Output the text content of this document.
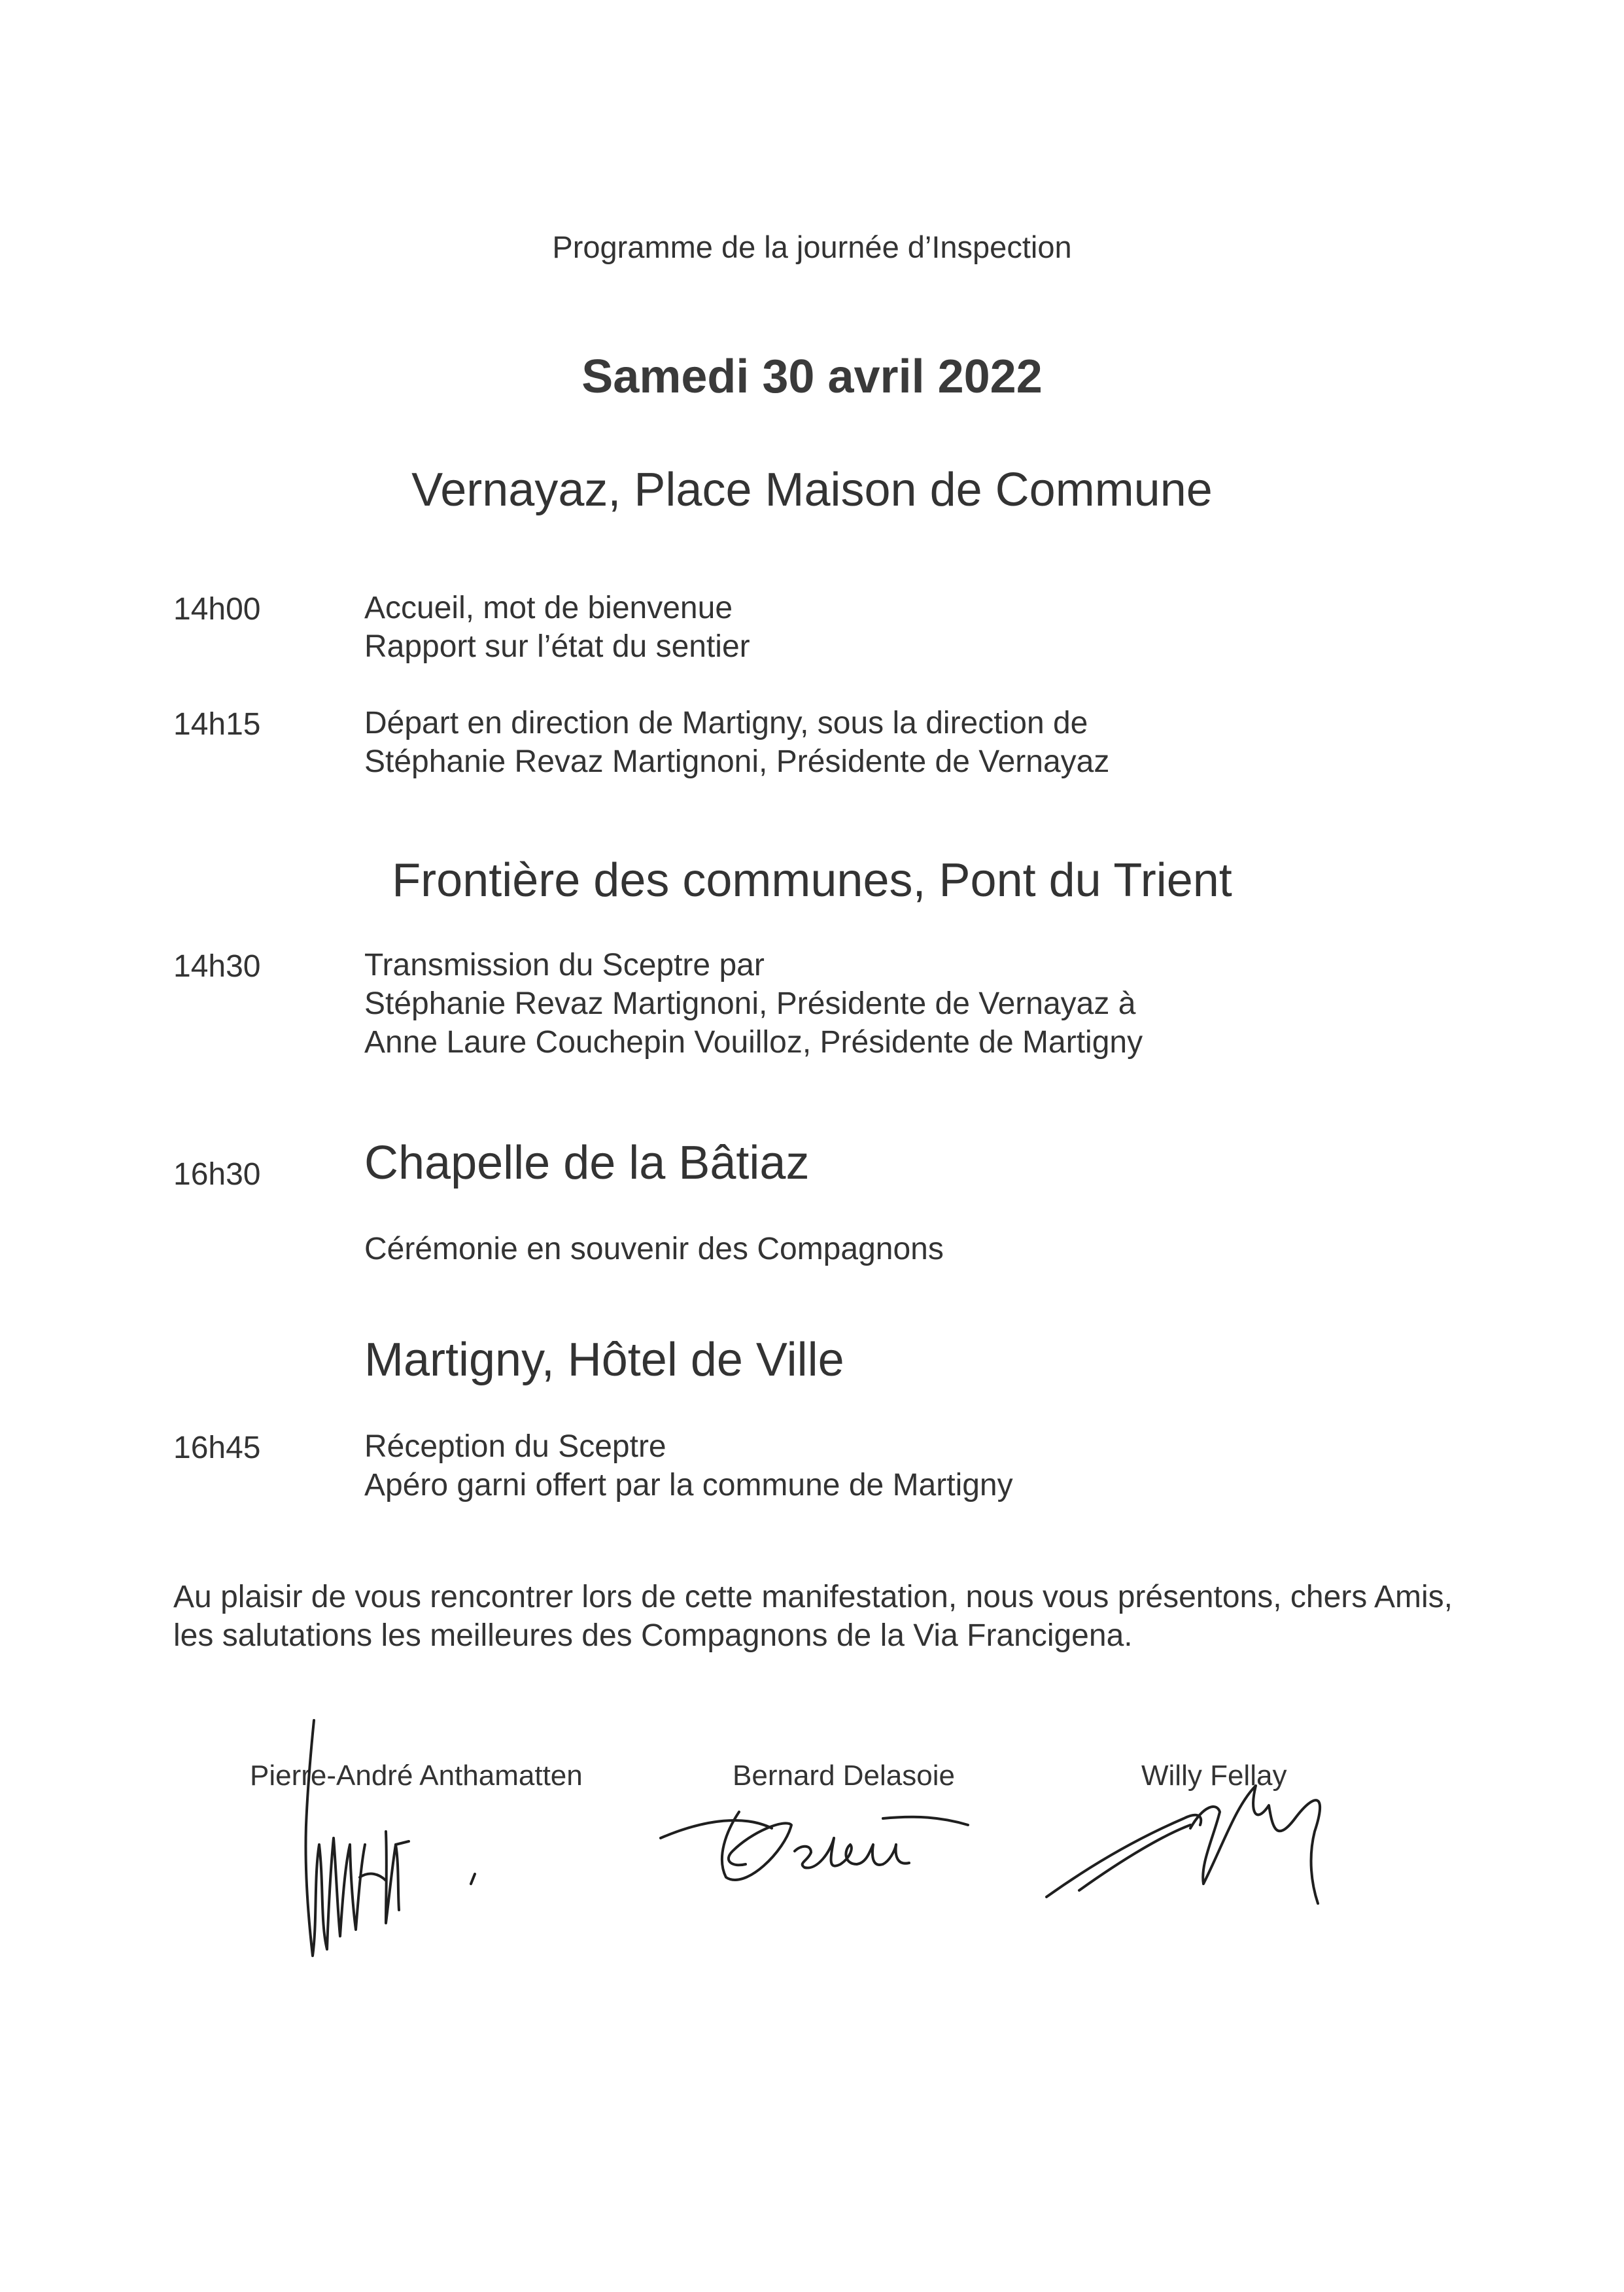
Programme de la journée d’Inspection
Samedi 30 avril 2022
Vernayaz, Place Maison de Commune
14h00	Accueil, mot de bienvenue
Rapport sur l’état du sentier
14h15	Départ en direction de Martigny, sous la direction de
Stéphanie Revaz Martignoni, Présidente de Vernayaz
Frontière des communes, Pont du Trient
14h30	Transmission du Sceptre par
Stéphanie Revaz Martignoni, Présidente de Vernayaz à
Anne Laure Couchepin Vouilloz, Présidente de Martigny
16h30 Chapelle de la Bâtiaz
Cérémonie en souvenir des Compagnons
Martigny, Hôtel de Ville
16h45	Réception du Sceptre
Apéro garni offert par la commune de Martigny

Au plaisir de vous rencontrer lors de cette manifestation, nous vous présentons, chers Amis, les salutations les meilleures des Compagnons de la Via Francigena.

Pierre-André Anthamatten	Bernard Delasoie	Willy Fellay
